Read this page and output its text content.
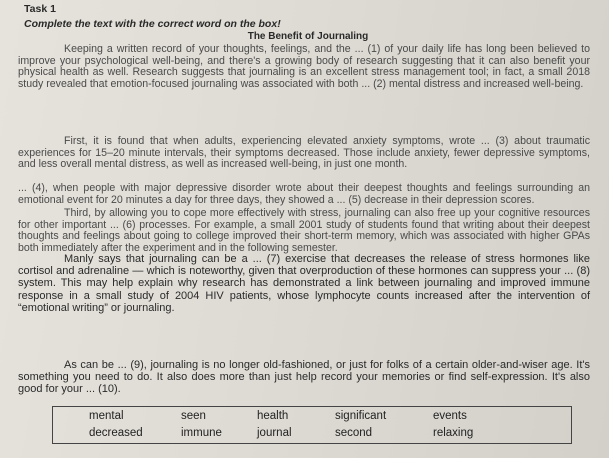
Task 1
Complete the text with the correct word on the box!
The Benefit of Journaling
Keeping a written record of your thoughts, feelings, and the ... (1) of your daily life has long been believed to improve your psychological well-being, and there's a growing body of research suggesting that it can also benefit your physical health as well. Research suggests that journaling is an excellent stress management tool; in fact, a small 2018 study revealed that emotion-focused journaling was associated with both ... (2) mental distress and increased well-being.
First, it is found that when adults, experiencing elevated anxiety symptoms, wrote ... (3) about traumatic experiences for 15–20 minute intervals, their symptoms decreased. Those include anxiety, fewer depressive symptoms, and less overall mental distress, as well as increased well-being, in just one month.
... (4), when people with major depressive disorder wrote about their deepest thoughts and feelings surrounding an emotional event for 20 minutes a day for three days, they showed a ... (5) decrease in their depression scores.
Third, by allowing you to cope more effectively with stress, journaling can also free up your cognitive resources for other important ... (6) processes. For example, a small 2001 study of students found that writing about their deepest thoughts and feelings about going to college improved their short-term memory, which was associated with higher GPAs both immediately after the experiment and in the following semester.
Manly says that journaling can be a ... (7) exercise that decreases the release of stress hormones like cortisol and adrenaline — which is noteworthy, given that overproduction of these hormones can suppress your ... (8) system. This may help explain why research has demonstrated a link between journaling and improved immune response in a small study of 2004 HIV patients, whose lymphocyte counts increased after the intervention of “emotional writing” or journaling.
As can be ... (9), journaling is no longer old-fashioned, or just for folks of a certain older-and-wiser age. It's something you need to do. It also does more than just help record your memories or find self-expression. It's also good for your ... (10).
mental	seen	health	significant	events
decreased	immune	journal	second	relaxing
